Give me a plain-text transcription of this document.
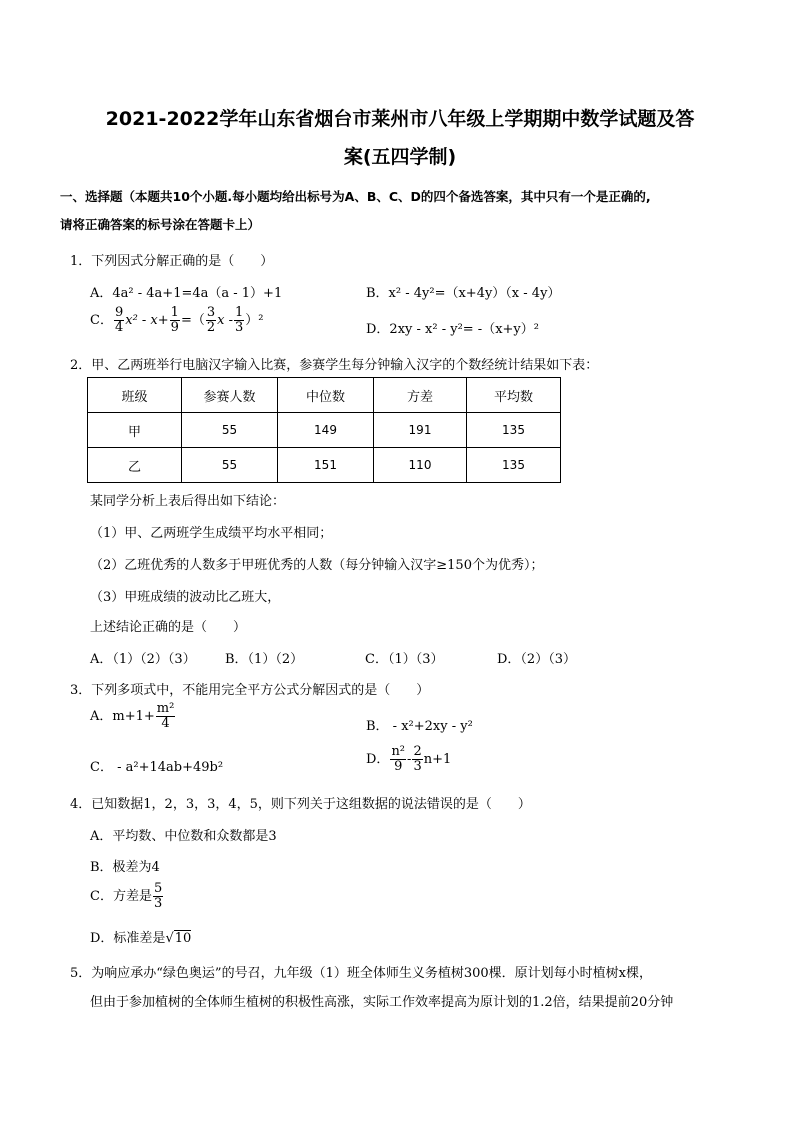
2021-2022学年山东省烟台市莱州市八年级上学期期中数学试题及答
案(五四学制)
一、选择题（本题共10个小题.每小题均给出标号为A、B、C、D的四个备选答案，其中只有一个是正确的,
请将正确答案的标号涂在答题卡上）
1．下列因式分解正确的是（　　）
A．4a² - 4a+1=4a（a - 1）+1	B．x² - 4y²=（x+4y）（x - 4y）
C． $\frac{9}{4} x^2 - x+ \frac{1}{9}$ =（ $\frac{3}{2}$ x - $\frac{1}{3} )^2$
D．2xy - x² - y²= -（x+y）²
2．甲、乙两班举行电脑汉字输入比赛，参赛学生每分钟输入汉字的个数经统计结果如下表：
班级	参赛人数	中位数	方差	平均数
甲	55	149	191	135
乙	55	151	110	135
某同学分析上表后得出如下结论：
（1）甲、乙两班学生成绩平均水平相同；
（2）乙班优秀的人数多于甲班优秀的人数（每分钟输入汉字≥150个为优秀）；
（3）甲班成绩的波动比乙班大，
上述结论正确的是（　　）
A．（1）（2）（3） B．（1）（2）	C．（1）（3）	D．（2）（3）
3．下列多项式中，不能用完全平方公式分解因式的是（　　）
A．$m+1+ \frac{\text{m²}}{4}$	B． - x²+2xy - y²
C． - a²+14ab+49b²
D． $\frac{\text{n²}}{9} - \frac{2}{3} n+1$
4．已知数据1，2，3，3，4，5，则下列关于这组数据的说法错误的是（　　）
A．平均数、中位数和众数都是3
B．极差为4
C．方差是 $\frac{5}{3}$
D．标准差是√10
5．为响应承办“绿色奥运”的号召，九年级（1）班全体师生义务植树300棵．原计划每小时植树x棵，
但由于参加植树的全体师生植树的积极性高涨，实际工作效率提高为原计划的1.2倍，结果提前20分钟
